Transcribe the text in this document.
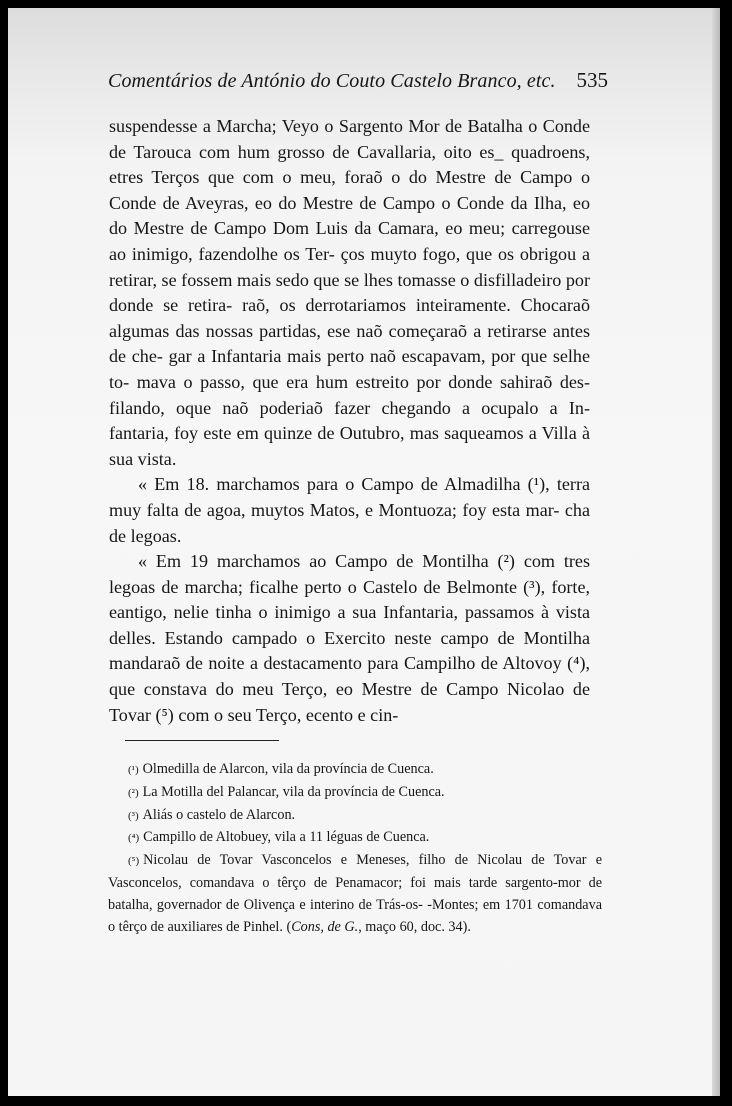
Comentários de António do Couto Castelo Branco, etc. 535

suspendesse a Marcha; Veyo o Sargento Mor de Batalha o Conde de Tarouca com hum grosso de Cavallaria, oito es_ quadroens, etres Terços que com o meu, foraõ o do Mestre de Campo o Conde de Aveyras, eo do Mestre de Campo o Conde da Ilha, eo do Mestre de Campo Dom Luis da Camara, eo meu; carregouse ao inimigo, fazendolhe os Ter- ços muyto fogo, que os obrigou a retirar, se fossem mais sedo que se lhes tomasse o disfilladeiro por donde se retira- raõ, os derrotariamos inteiramente. Chocaraõ algumas das nossas partidas, ese naõ começaraõ a retirarse antes de che- gar a Infantaria mais perto naõ escapavam, por que selhe to- mava o passo, que era hum estreito por donde sahiraõ des- filando, oque naõ poderiaõ fazer chegando a ocupalo a In- fantaria, foy este em quinze de Outubro, mas saqueamos a Villa à sua vista.

« Em 18. marchamos para o Campo de Almadilha (¹), terra muy falta de agoa, muytos Matos, e Montuoza; foy esta mar- cha de legoas.

« Em 19 marchamos ao Campo de Montilha (²) com tres legoas de marcha; ficalhe perto o Castelo de Belmonte (³), forte, eantigo, nelie tinha o inimigo a sua Infantaria, passamos à vista delles. Estando campado o Exercito neste campo de Montilha mandaraõ de noite a destacamento para Campilho de Altovoy (⁴), que constava do meu Terço, eo Mestre de Campo Nicolao de Tovar (⁵) com o seu Terço, ecento e cin-

(¹) Olmedilla de Alarcon, vila da província de Cuenca.

(²) La Motilla del Palancar, vila da província de Cuenca.

(³) Aliás o castelo de Alarcon.

(⁴) Campillo de Altobuey, vila a 11 léguas de Cuenca.

(⁵) Nicolau de Tovar Vasconcelos e Meneses, filho de Nicolau de Tovar e Vasconcelos, comandava o têrço de Penamacor; foi mais tarde sargento-mor de batalha, governador de Olivença e interino de Trás-os- -Montes; em 1701 comandava o têrço de auxiliares de Pinhel. (Cons, de G., maço 60, doc. 34).
